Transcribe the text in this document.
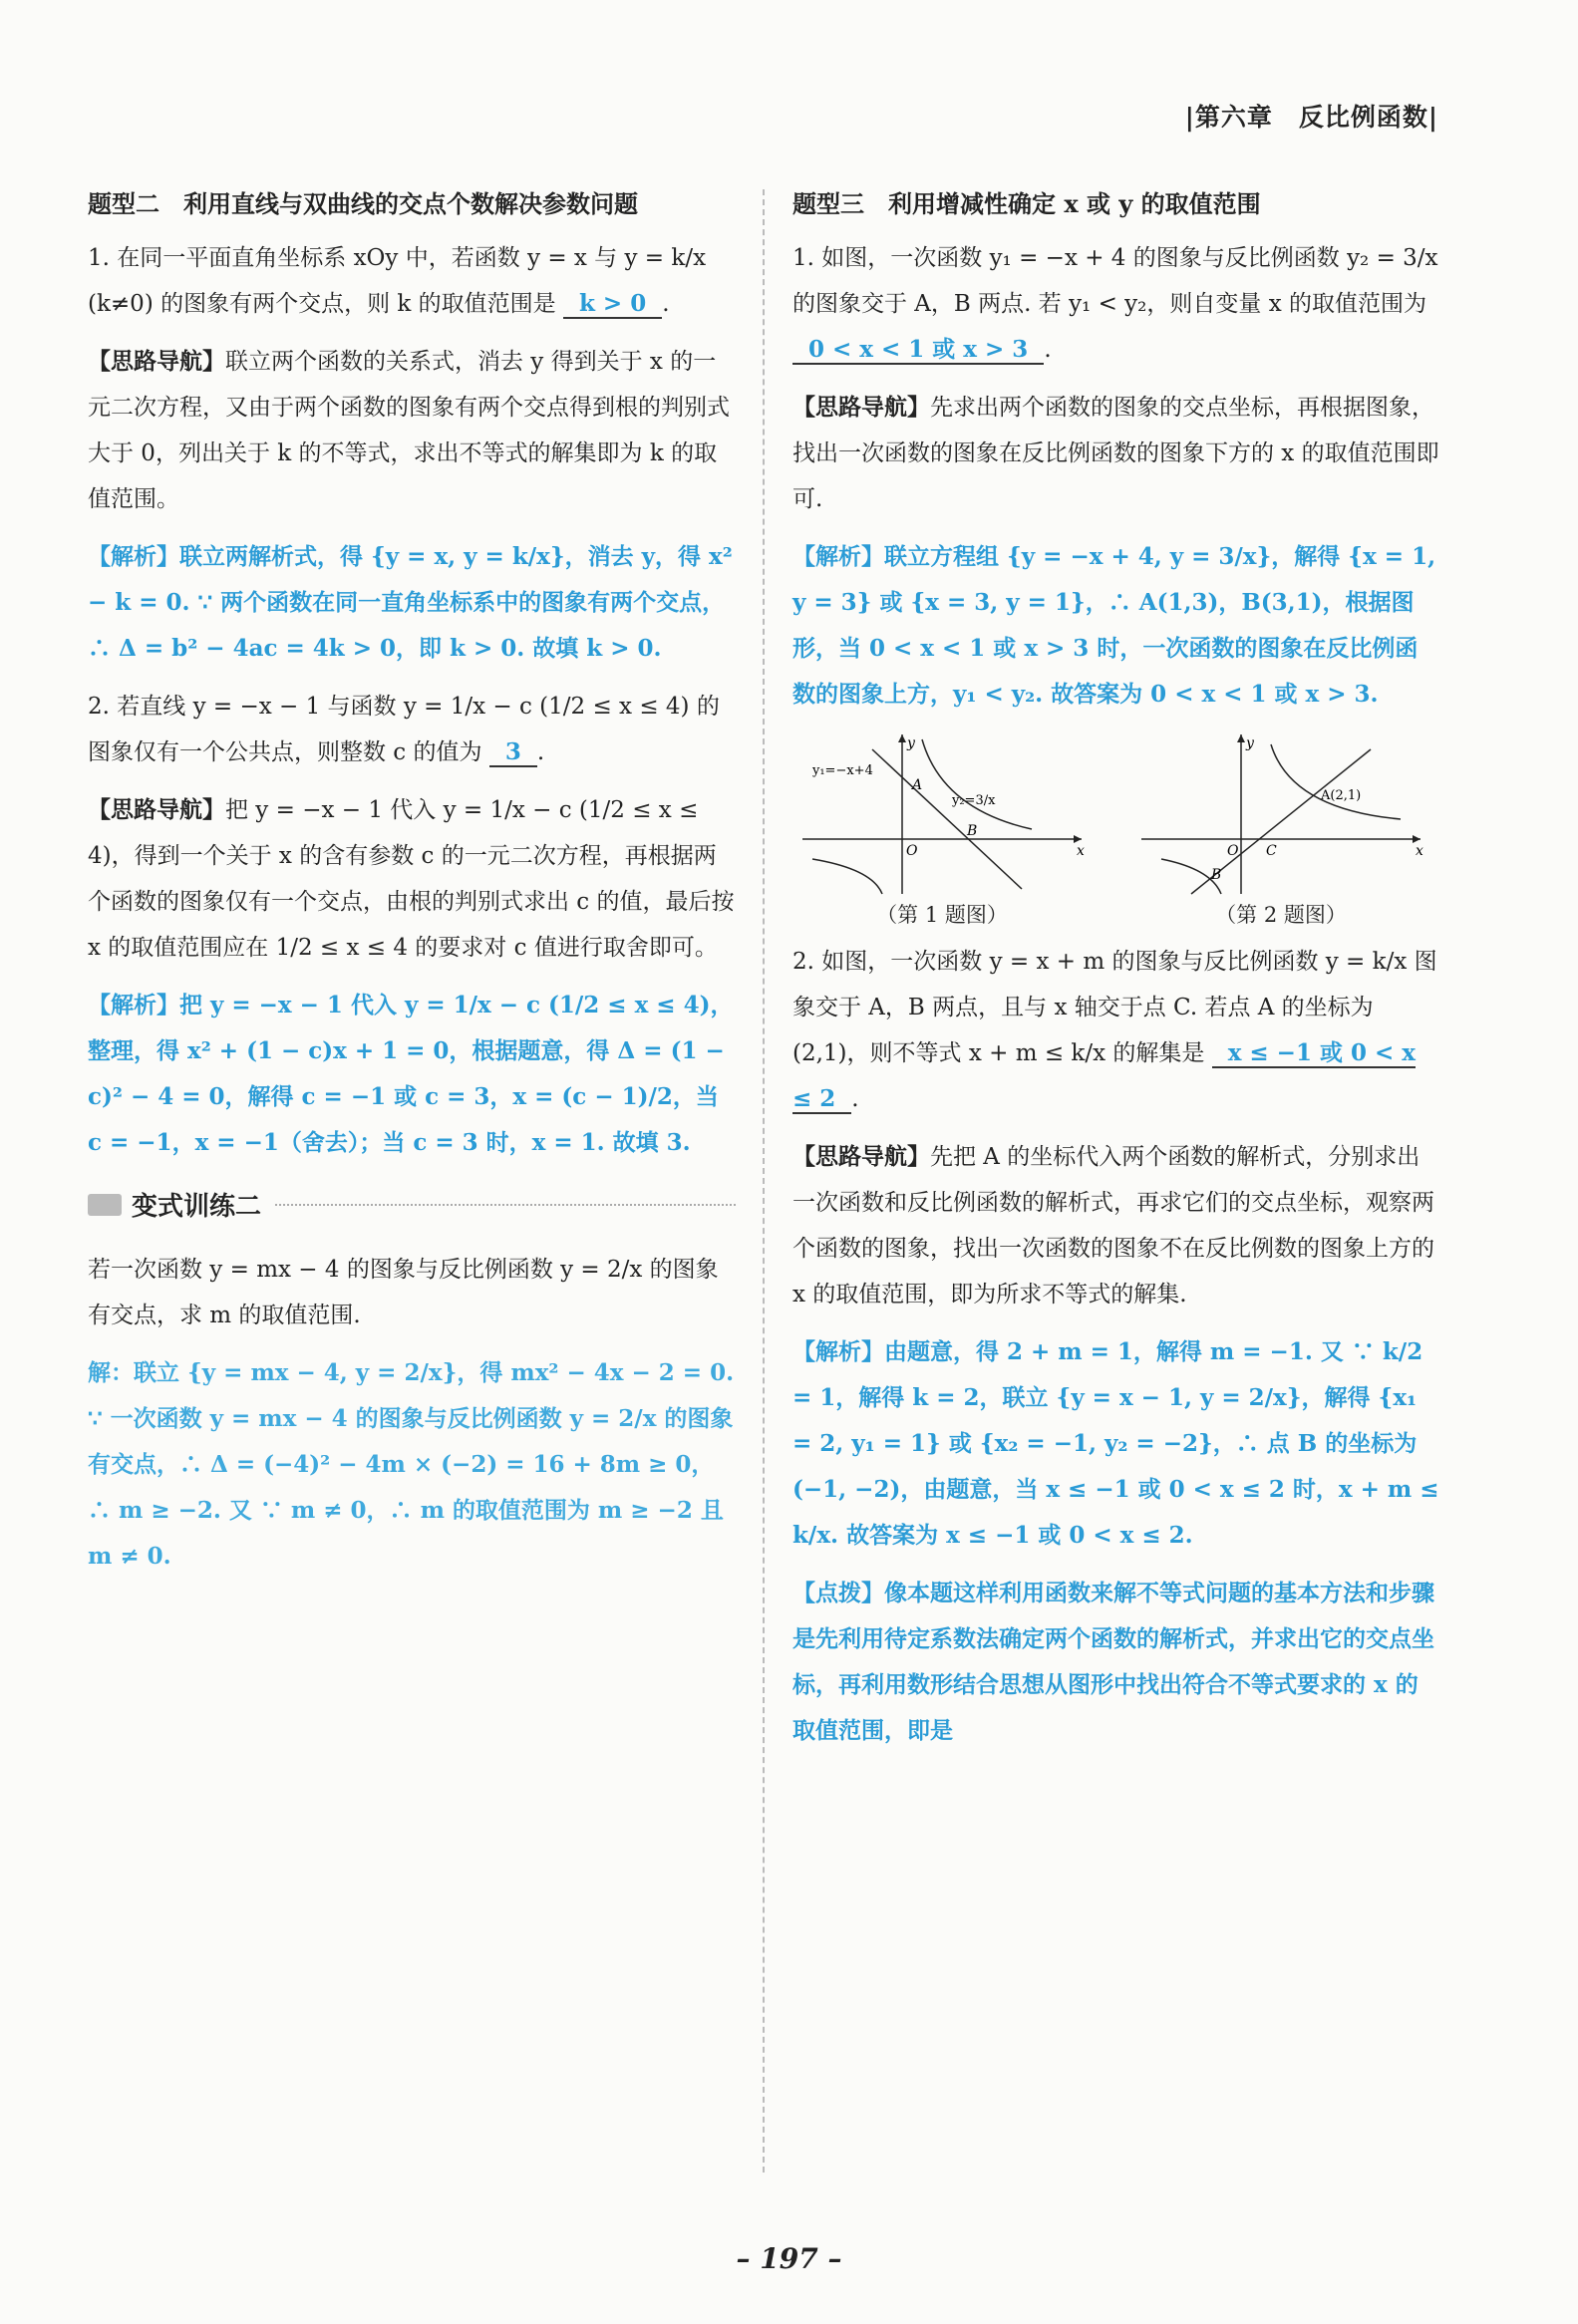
|第六章　反比例函数|
题型二　利用直线与双曲线的交点个数解决参数问题

1. 在同一平面直角坐标系 xOy 中，若函数 y = x 与 y = k/x (k≠0) 的图象有两个交点，则 k 的取值范围是 k > 0 .

【思路导航】联立两个函数的关系式，消去 y 得到关于 x 的一元二次方程，又由于两个函数的图象有两个交点得到根的判别式大于 0，列出关于 k 的不等式，求出不等式的解集即为 k 的取值范围。

【解析】联立两解析式，得 {y = x, y = k/x}，消去 y，得 x² − k = 0. ∵ 两个函数在同一直角坐标系中的图象有两个交点，∴ Δ = b² − 4ac = 4k > 0，即 k > 0. 故填 k > 0.

2. 若直线 y = −x − 1 与函数 y = 1/x − c (1/2 ≤ x ≤ 4) 的图象仅有一个公共点，则整数 c 的值为 3 .

【思路导航】把 y = −x − 1 代入 y = 1/x − c (1/2 ≤ x ≤ 4)，得到一个关于 x 的含有参数 c 的一元二次方程，再根据两个函数的图象仅有一个交点，由根的判别式求出 c 的值，最后按 x 的取值范围应在 1/2 ≤ x ≤ 4 的要求对 c 值进行取舍即可。

【解析】把 y = −x − 1 代入 y = 1/x − c (1/2 ≤ x ≤ 4)，整理，得 x² + (1 − c)x + 1 = 0，根据题意，得 Δ = (1 − c)² − 4 = 0，解得 c = −1 或 c = 3，x = (c − 1)/2，当 c = −1，x = −1（舍去）；当 c = 3 时，x = 1. 故填 3.

变式训练二

若一次函数 y = mx − 4 的图象与反比例函数 y = 2/x 的图象有交点，求 m 的取值范围.

解：联立 {y = mx − 4, y = 2/x}，得 mx² − 4x − 2 = 0. ∵ 一次函数 y = mx − 4 的图象与反比例函数 y = 2/x 的图象有交点，∴ Δ = (−4)² − 4m × (−2) = 16 + 8m ≥ 0，∴ m ≥ −2. 又 ∵ m ≠ 0，∴ m 的取值范围为 m ≥ −2 且 m ≠ 0.

题型三　利用增减性确定 x 或 y 的取值范围

1. 如图，一次函数 y₁ = −x + 4 的图象与反比例函数 y₂ = 3/x 的图象交于 A，B 两点. 若 y₁ < y₂，则自变量 x 的取值范围为 0 < x < 1 或 x > 3 .

【思路导航】先求出两个函数的图象的交点坐标，再根据图象，找出一次函数的图象在反比例函数的图象下方的 x 的取值范围即可.

【解析】联立方程组 {y = −x + 4, y = 3/x}，解得 {x = 1, y = 3} 或 {x = 3, y = 1}，∴ A(1,3)，B(3,1)，根据图形，当 0 < x < 1 或 x > 3 时，一次函数的图象在反比例函数的图象上方，y₁ < y₂. 故答案为 0 < x < 1 或 x > 3.

y₁=−x+4
y₂=3/x
O
y
x
A
B
（第 1 题图）
A(2,1)
O C
y
x
B
（第 2 题图）

2. 如图，一次函数 y = x + m 的图象与反比例函数 y = k/x 图象交于 A，B 两点，且与 x 轴交于点 C. 若点 A 的坐标为 (2,1)，则不等式 x + m ≤ k/x 的解集是 x ≤ −1 或 0 < x ≤ 2 .

【思路导航】先把 A 的坐标代入两个函数的解析式，分别求出一次函数和反比例函数的解析式，再求它们的交点坐标，观察两个函数的图象，找出一次函数的图象不在反比例数的图象上方的 x 的取值范围，即为所求不等式的解集.

【解析】由题意，得 2 + m = 1，解得 m = −1. 又 ∵ k/2 = 1，解得 k = 2，联立 {y = x − 1, y = 2/x}，解得 {x₁ = 2, y₁ = 1} 或 {x₂ = −1, y₂ = −2}，∴ 点 B 的坐标为 (−1, −2)，由题意，当 x ≤ −1 或 0 < x ≤ 2 时，x + m ≤ k/x. 故答案为 x ≤ −1 或 0 < x ≤ 2.

【点拨】像本题这样利用函数来解不等式问题的基本方法和步骤是先利用待定系数法确定两个函数的解析式，并求出它的交点坐标，再利用数形结合思想从图形中找出符合不等式要求的 x 的取值范围，即是

– 197 –
